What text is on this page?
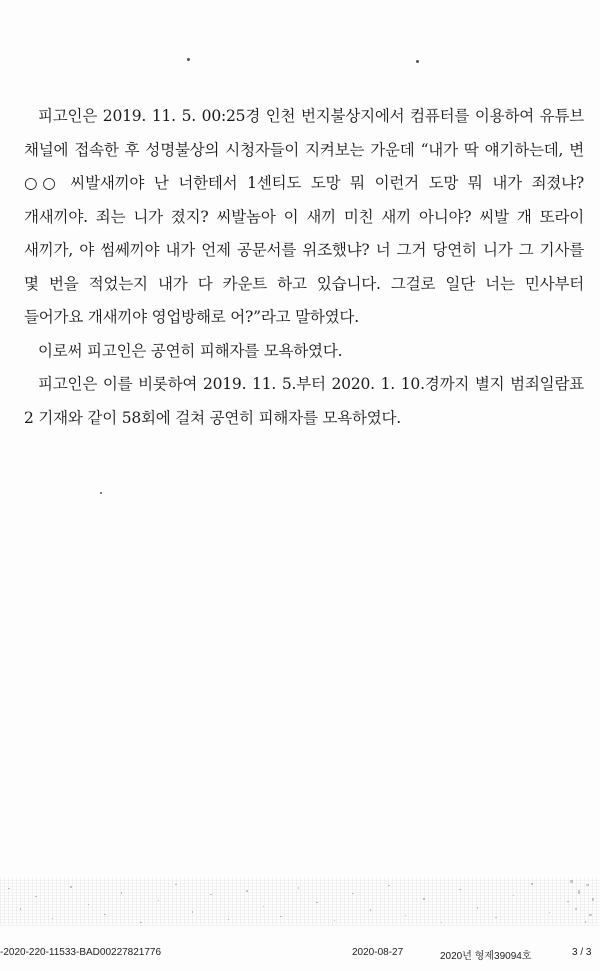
피고인은 2019. 11. 5. 00:25경 인천 번지불상지에서 컴퓨터를 이용하여 유튜브 채널에 접속한 후 성명불상의 시청자들이 지켜보는 가운데 “내가 딱 얘기하는데, 변○○ 씨발새끼야 난 너한테서 1센티도 도망 뭐 이런거 도망 뭐 내가 죄졌냐? 개새끼야. 죄는 니가 졌지? 씨발놈아 이 새끼 미친 새끼 아니야? 씨발 개 또라이 새끼가, 야 썸쎄끼야 내가 언제 공문서를 위조했냐? 너 그거 당연히 니가 그 기사를 몇 번을 적었는지 내가 다 카운트 하고 있습니다. 그걸로 일단 너는 민사부터 들어가요 개새끼야 영업방해로 어?”라고 말하였다.

이로써 피고인은 공연히 피해자를 모욕하였다.

피고인은 이를 비롯하여 2019. 11. 5.부터 2020. 1. 10.경까지 별지 범죄일람표 2 기재와 같이 58회에 걸쳐 공연히 피해자를 모욕하였다.

-2020-220-11533-BAD00227821776	2020-08-27	2020년 형제39094호	3 / 3
